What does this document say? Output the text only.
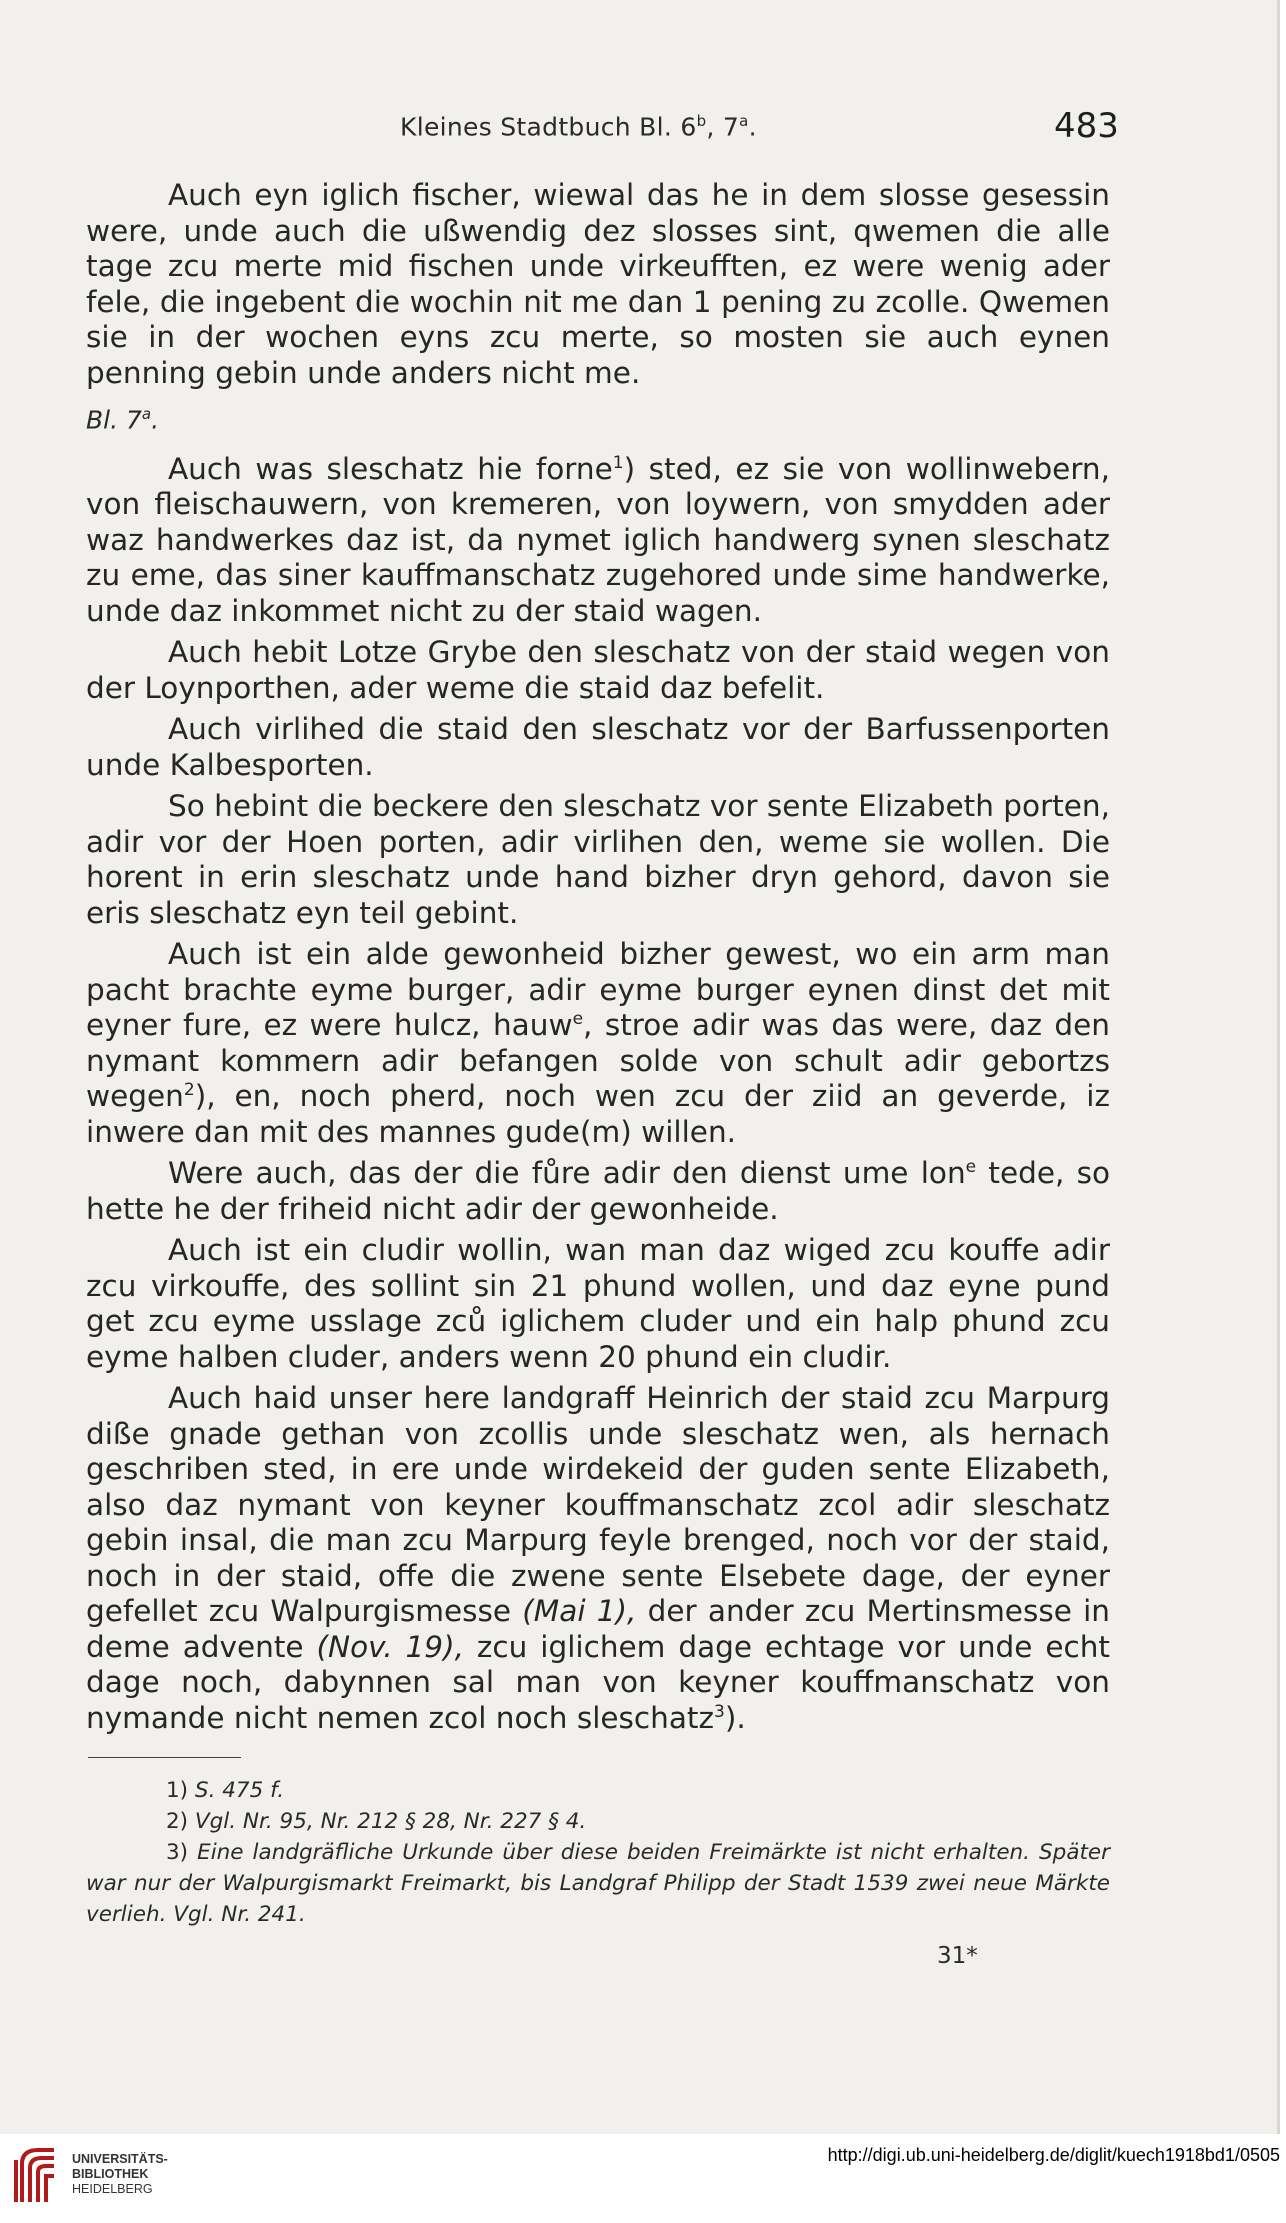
Kleines Stadtbuch Bl. 6$^b$, 7$^a$.	483

Auch eyn iglich fischer, wiewal das he in dem slosse gesessin were, unde auch die ußwendig dez slosses sint, qwemen die alle tage zcu merte mid fischen unde virkeufften, ez were wenig ader fele, die ingebent die wochin nit me dan 1 pening zu zcolle. Qwemen sie in der wochen eyns zcu merte, so mosten sie auch eynen penning gebin unde anders nicht me.

Bl. 7$^a$.

Auch was sleschatz hie forne$^1$) sted, ez sie von wollinwebern, von fleischauwern, von kremeren, von loywern, von smydden ader waz handwerkes daz ist, da nymet iglich handwerg synen sleschatz zu eme, das siner kauffmanschatz zugehored unde sime handwerke, unde daz inkommet nicht zu der staid wagen.

Auch hebit Lotze Grybe den sleschatz von der staid wegen von der Loynporthen, ader weme die staid daz befelit.

Auch virlihed die staid den sleschatz vor der Barfussenporten unde Kalbesporten.

So hebint die beckere den sleschatz vor sente Elizabeth porten, adir vor der Hoen porten, adir virlihen den, weme sie wollen. Die horent in erin sleschatz unde hand bizher dryn gehord, davon sie eris sleschatz eyn teil gebint.

Auch ist ein alde gewonheid bizher gewest, wo ein arm man pacht brachte eyme burger, adir eyme burger eynen dinst det mit eyner fure, ez were hulcz, hauw$^e$, stroe adir was das were, daz den nymant kommern adir befangen solde von schult adir gebortzs wegen$^2$), en, noch pherd, noch wen zcu der ziid an geverde, iz inwere dan mit des mannes gude(m) willen.

Were auch, das der die fůre adir den dienst ume lon$^e$ tede, so hette he der friheid nicht adir der gewonheide.

Auch ist ein cludir wollin, wan man daz wiged zcu kouffe adir zcu virkouffe, des sollint sin 21 phund wollen, und daz eyne pund get zcu eyme usslage zců iglichem cluder und ein halp phund zcu eyme halben cluder, anders wenn 20 phund ein cludir.

Auch haid unser here landgraff Heinrich der staid zcu Marpurg diße gnade gethan von zcollis unde sleschatz wen, als hernach geschriben sted, in ere unde wirdekeid der guden sente Elizabeth, also daz nymant von keyner kouffmanschatz zcol adir sleschatz gebin insal, die man zcu Marpurg feyle brenged, noch vor der staid, noch in der staid, offe die zwene sente Elsebete dage, der eyner gefellet zcu Walpurgismesse (Mai 1), der ander zcu Mertinsmesse in deme advente (Nov. 19), zcu iglichem dage echtage vor unde echt dage noch, dabynnen sal man von keyner kouffmanschatz von nymande nicht nemen zcol noch sleschatz$^3$).

1) S. 475 f.

2) Vgl. Nr. 95, Nr. 212 § 28, Nr. 227 § 4.

3) Eine landgräfliche Urkunde über diese beiden Freimärkte ist nicht erhalten. Später war nur der Walpurgismarkt Freimarkt, bis Landgraf Philipp der Stadt 1539 zwei neue Märkte verlieh. Vgl. Nr. 241.

31*
UNIVERSITÄTS-
BIBLIOTHEK
HEIDELBERG
http://digi.ub.uni-heidelberg.de/diglit/kuech1918bd1/0505
